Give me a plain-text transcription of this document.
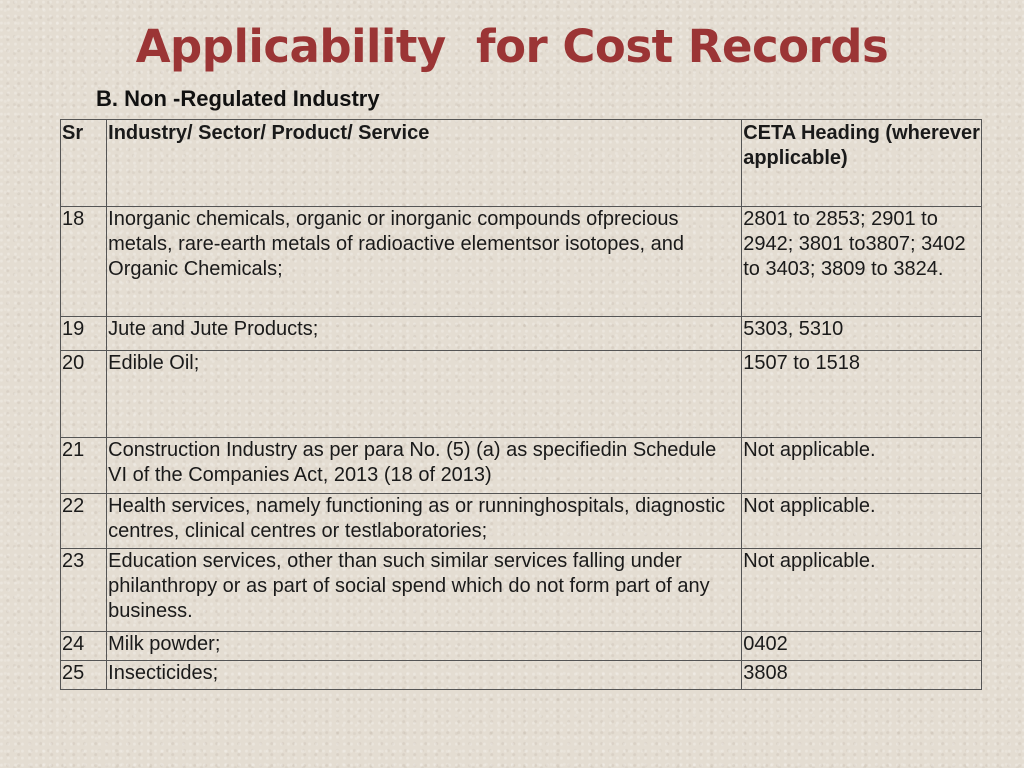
Applicability  for Cost Records
B. Non -Regulated Industry
Sr	Industry/ Sector/ Product/ Service	CETA Heading (wherever applicable)
18	Inorganic chemicals, organic or inorganic compounds ofprecious metals, rare-earth metals of radioactive elementsor isotopes, and Organic Chemicals;	2801 to 2853; 2901 to 2942; 3801 to3807; 3402 to 3403; 3809 to 3824.
19	Jute and Jute Products;	5303, 5310
20	Edible Oil;	1507 to 1518
21	Construction Industry as per para No. (5) (a) as specifiedin Schedule VI of the Companies Act, 2013 (18 of 2013)	Not applicable.
22	Health services, namely functioning as or runninghospitals, diagnostic centres, clinical centres or testlaboratories;	Not applicable.
23	Education services, other than such similar services falling under philanthropy or as part of social spend which do not form part of any business.	Not applicable.
24	Milk powder;	0402
25	Insecticides;	3808
